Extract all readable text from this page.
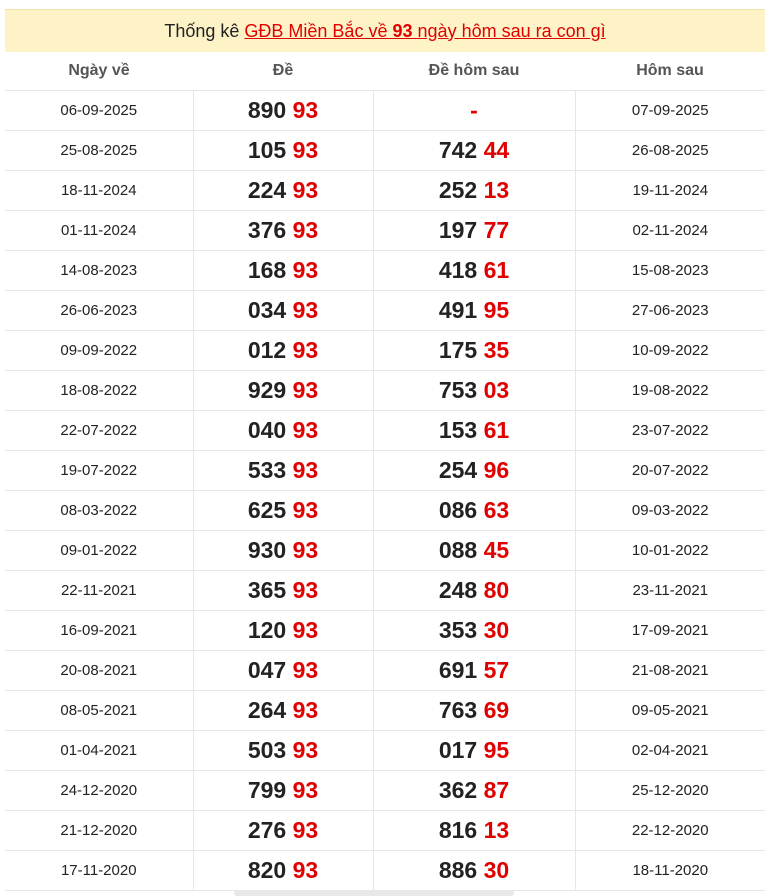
Thống kê
GĐB Miền Bắc về 93 ngày hôm sau ra con gì
Ngày về	Đề	Đề hôm sau	Hôm sau
06-09-2025	890 93	-	07-09-2025
25-08-2025	105 93	742 44	26-08-2025
18-11-2024	224 93	252 13	19-11-2024
01-11-2024	376 93	197 77	02-11-2024
14-08-2023	168 93	418 61	15-08-2023
26-06-2023	034 93	491 95	27-06-2023
09-09-2022	012 93	175 35	10-09-2022
18-08-2022	929 93	753 03	19-08-2022
22-07-2022	040 93	153 61	23-07-2022
19-07-2022	533 93	254 96	20-07-2022
08-03-2022	625 93	086 63	09-03-2022
09-01-2022	930 93	088 45	10-01-2022
22-11-2021	365 93	248 80	23-11-2021
16-09-2021	120 93	353 30	17-09-2021
20-08-2021	047 93	691 57	21-08-2021
08-05-2021	264 93	763 69	09-05-2021
01-04-2021	503 93	017 95	02-04-2021
24-12-2020	799 93	362 87	25-12-2020
21-12-2020	276 93	816 13	22-12-2020
17-11-2020	820 93	886 30	18-11-2020
